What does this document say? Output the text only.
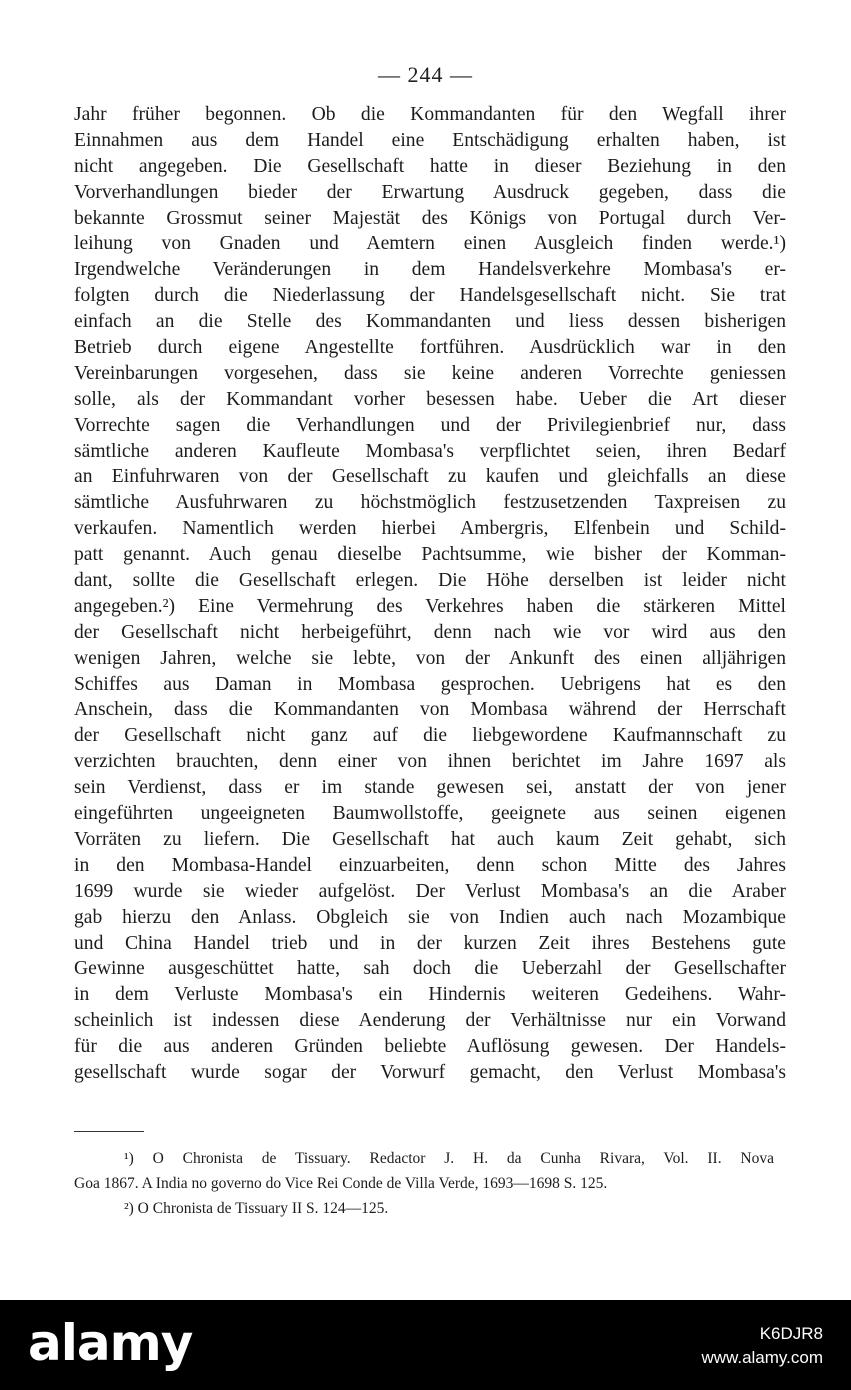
— 244 —
Jahr früher begonnen. Ob die Kommandanten für den Wegfall ihrer
Einnahmen aus dem Handel eine Entschädigung erhalten haben, ist
nicht angegeben. Die Gesellschaft hatte in dieser Beziehung in den
Vorverhandlungen bieder der Erwartung Ausdruck gegeben, dass die
bekannte Grossmut seiner Majestät des Königs von Portugal durch Ver-
leihung von Gnaden und Aemtern einen Ausgleich finden werde.¹)
Irgendwelche Veränderungen in dem Handelsverkehre Mombasa's er-
folgten durch die Niederlassung der Handelsgesellschaft nicht. Sie trat
einfach an die Stelle des Kommandanten und liess dessen bisherigen
Betrieb durch eigene Angestellte fortführen. Ausdrücklich war in den
Vereinbarungen vorgesehen, dass sie keine anderen Vorrechte geniessen
solle, als der Kommandant vorher besessen habe. Ueber die Art dieser
Vorrechte sagen die Verhandlungen und der Privilegienbrief nur, dass
sämtliche anderen Kaufleute Mombasa's verpflichtet seien, ihren Bedarf
an Einfuhrwaren von der Gesellschaft zu kaufen und gleichfalls an diese
sämtliche Ausfuhrwaren zu höchstmöglich festzusetzenden Taxpreisen zu
verkaufen. Namentlich werden hierbei Ambergris, Elfenbein und Schild-
patt genannt. Auch genau dieselbe Pachtsumme, wie bisher der Komman-
dant, sollte die Gesellschaft erlegen. Die Höhe derselben ist leider nicht
angegeben.²) Eine Vermehrung des Verkehres haben die stärkeren Mittel
der Gesellschaft nicht herbeigeführt, denn nach wie vor wird aus den
wenigen Jahren, welche sie lebte, von der Ankunft des einen alljährigen
Schiffes aus Daman in Mombasa gesprochen. Uebrigens hat es den
Anschein, dass die Kommandanten von Mombasa während der Herrschaft
der Gesellschaft nicht ganz auf die liebgewordene Kaufmannschaft zu
verzichten brauchten, denn einer von ihnen berichtet im Jahre 1697 als
sein Verdienst, dass er im stande gewesen sei, anstatt der von jener
eingeführten ungeeigneten Baumwollstoffe, geeignete aus seinen eigenen
Vorräten zu liefern. Die Gesellschaft hat auch kaum Zeit gehabt, sich
in den Mombasa-Handel einzuarbeiten, denn schon Mitte des Jahres
1699 wurde sie wieder aufgelöst. Der Verlust Mombasa's an die Araber
gab hierzu den Anlass. Obgleich sie von Indien auch nach Mozambique
und China Handel trieb und in der kurzen Zeit ihres Bestehens gute
Gewinne ausgeschüttet hatte, sah doch die Ueberzahl der Gesellschafter
in dem Verluste Mombasa's ein Hindernis weiteren Gedeihens. Wahr-
scheinlich ist indessen diese Aenderung der Verhältnisse nur ein Vorwand
für die aus anderen Gründen beliebte Auflösung gewesen. Der Handels-
gesellschaft wurde sogar der Vorwurf gemacht, den Verlust Mombasa's
¹) O Chronista de Tissuary. Redactor J. H. da Cunha Rivara, Vol. II. Nova
Goa 1867. A India no governo do Vice Rei Conde de Villa Verde, 1693—1698 S. 125.
²) O Chronista de Tissuary II S. 124—125.
alamy	K6DJR8
www.alamy.com
